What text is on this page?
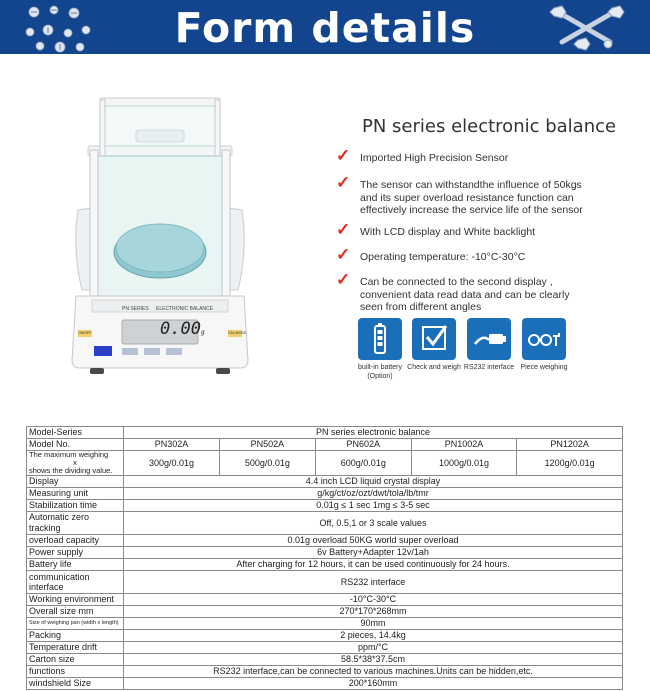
Form details
PN SERIES ELECTRONIC BALANCE
0.00g
ON/OFF	CAL/MODE
PN series electronic balance
✓ Imported High Precision Sensor
✓ The sensor can withstandthe influence of 50kgs and its super overload resistance function can effectively increase the service life of the sensor
✓ With LCD display and White backlight
✓ Operating temperature: -10°C-30°C
✓ Can be connected to the second display , convenient data read data and can be clearly seen from different angles
built-in battery (Option)
Check and weigh RS232 interface Piece weighing
Model-Series	PN series electronic balance				
Model No.	PN302A	PN502A	PN602A	PN1002A	PN1202A

The maximum weighing
x
shows the dividing value.	300g/0.01g	500g/0.01g	600g/0.01g	1000g/0.01g	1200g/0.01g
Display	4.4 inch LCD liquid crystal display				
Measuring unit	g/kg/ct/oz/ozt/dwt/tola/lb/tmr				
Stabilization time	0.01g ≤ 1 sec 1mg ≤ 3-5 sec				
Automatic zero tracking	Off, 0.5,1 or 3 scale values				
overload capacity	0.01g overload 50KG world super overload				
Power supply	6v Battery+Adapter 12v/1ah				
Battery life	After charging for 12 hours, it can be used continuously for 24 hours.				
communication interface	RS232 interface				
Working environment	-10°C-30°C				
Overall size mm	270*170*268mm				
Size of weighing pan (width x length)	90mm				
Packing	2 pieces, 14.4kg				
Temperature drift	ppm/°C				
Carton size	58.5*38*37.5cm				
functions	RS232 interface,can be connected to various machines.Units can be hidden,etc.				
windshield Size	200*160mm				
